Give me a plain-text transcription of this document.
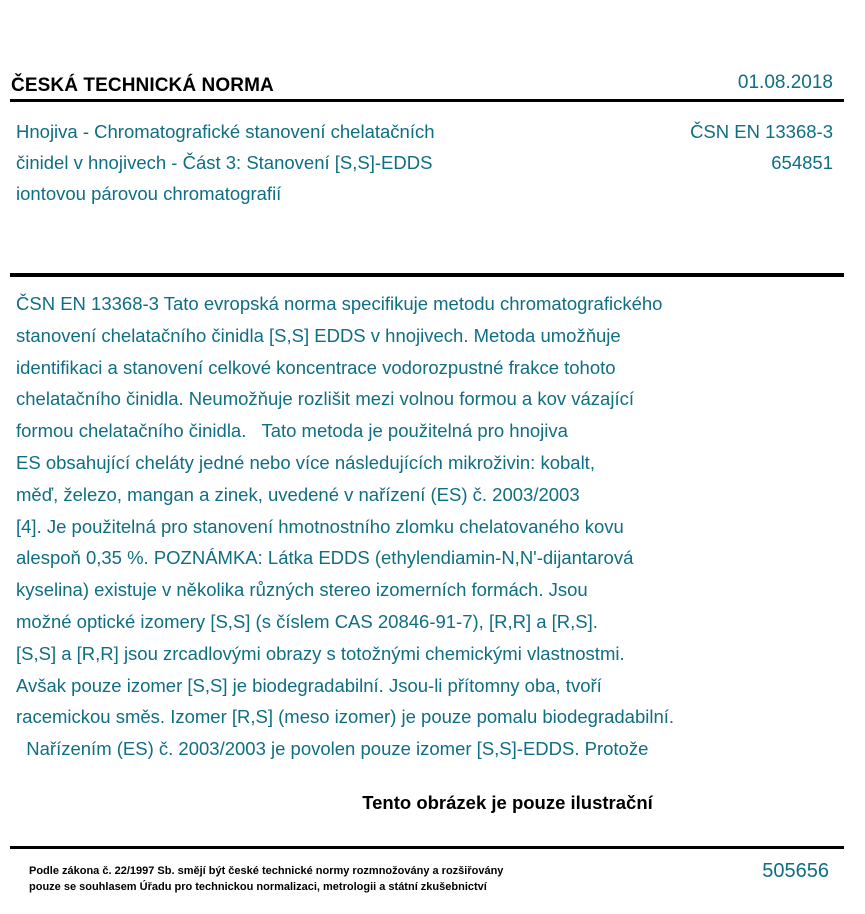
ČESKÁ TECHNICKÁ NORMA	01.08.2018
Hnojiva - Chromatografické stanovení chelatačních
činidel v hnojivech - Část 3: Stanovení [S,S]-EDDS
iontovou párovou chromatografií
ČSN EN 13368-3
654851
ČSN EN 13368-3 Tato evropská norma specifikuje metodu chromatografického
stanovení chelatačního činidla [S,S] EDDS v hnojivech. Metoda umožňuje
identifikaci a stanovení celkové koncentrace vodorozpustné frakce tohoto
chelatačního činidla. Neumožňuje rozlišit mezi volnou formou a kov vázající
formou chelatačního činidla.   Tato metoda je použitelná pro hnojiva
ES obsahující cheláty jedné nebo více následujících mikroživin: kobalt,
měď, železo, mangan a zinek, uvedené v nařízení (ES) č. 2003/2003
[4]. Je použitelná pro stanovení hmotnostního zlomku chelatovaného kovu
alespoň 0,35 %. POZNÁMKA: Látka EDDS (ethylendiamin-N,N'-dijantarová
kyselina) existuje v několika různých stereo izomerních formách. Jsou
možné optické izomery [S,S] (s číslem CAS 20846-91-7), [R,R] a [R,S].
[S,S] a [R,R] jsou zrcadlovými obrazy s totožnými chemickými vlastnostmi.
Avšak pouze izomer [S,S] je biodegradabilní. Jsou-li přítomny oba, tvoří
racemickou směs. Izomer [R,S] (meso izomer) je pouze pomalu biodegradabilní.
Nařízením (ES) č. 2003/2003 je povolen pouze izomer [S,S]-EDDS. Protože
Tento obrázek je pouze ilustrační
Podle zákona č. 22/1997 Sb. smějí být české technické normy rozmnožovány a rozšiřovány
pouze se souhlasem Úřadu pro technickou normalizaci, metrologii a státní zkušebnictví
505656
